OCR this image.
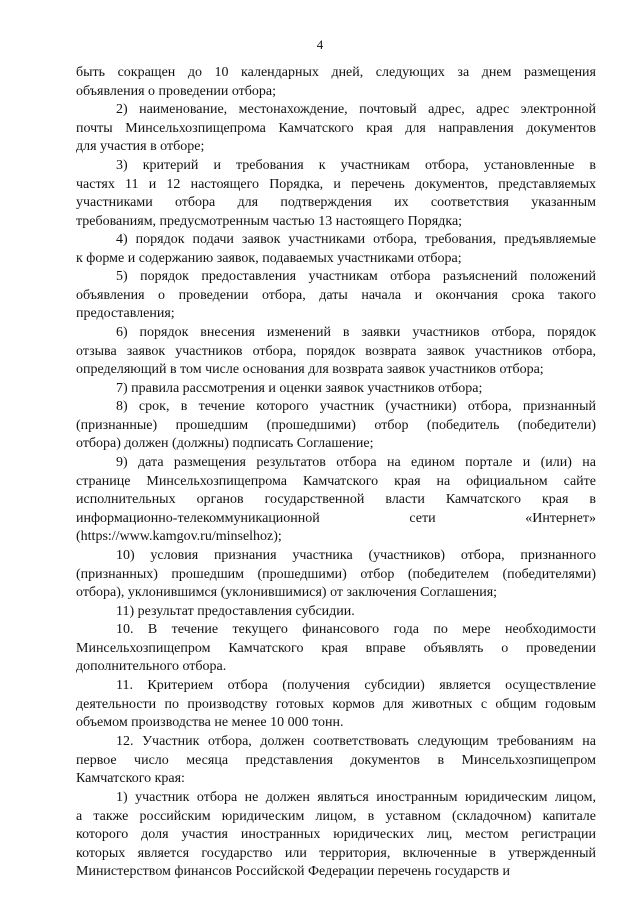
4
быть сокращен до 10 календарных дней, следующих за днем размещения
объявления о проведении отбора;
2) наименование, местонахождение, почтовый адрес, адрес электронной
почты Минсельхозпищепрома Камчатского края для направления документов
для участия в отборе;
3) критерий и требования к участникам отбора, установленные в
частях 11 и 12 настоящего Порядка, и перечень документов, представляемых
участниками отбора для подтверждения их соответствия указанным
требованиям, предусмотренным частью 13 настоящего Порядка;
4) порядок подачи заявок участниками отбора, требования, предъявляемые
к форме и содержанию заявок, подаваемых участниками отбора;
5) порядок предоставления участникам отбора разъяснений положений
объявления о проведении отбора, даты начала и окончания срока такого
предоставления;
6) порядок внесения изменений в заявки участников отбора, порядок
отзыва заявок участников отбора, порядок возврата заявок участников отбора,
определяющий в том числе основания для возврата заявок участников отбора;
7) правила рассмотрения и оценки заявок участников отбора;
8) срок, в течение которого участник (участники) отбора, признанный
(признанные) прошедшим (прошедшими) отбор (победитель (победители)
отбора) должен (должны) подписать Соглашение;
9) дата размещения результатов отбора на едином портале и (или) на
странице Минсельхозпищепрома Камчатского края на официальном сайте
исполнительных органов государственной власти Камчатского края в
информационно-телекоммуникационной сети «Интернет»
(https://www.kamgov.ru/minselhoz);
10) условия признания участника (участников) отбора, признанного
(признанных) прошедшим (прошедшими) отбор (победителем (победителями)
отбора), уклонившимся (уклонившимися) от заключения Соглашения;
11) результат предоставления субсидии.
10. В течение текущего финансового года по мере необходимости
Минсельхозпищепром Камчатского края вправе объявлять о проведении
дополнительного отбора.
11. Критерием отбора (получения субсидии) является осуществление
деятельности по производству готовых кормов для животных с общим годовым
объемом производства не менее 10 000 тонн.
12. Участник отбора, должен соответствовать следующим требованиям на
первое число месяца представления документов в Минсельхозпищепром
Камчатского края:
1) участник отбора не должен являться иностранным юридическим лицом,
а также российским юридическим лицом, в уставном (складочном) капитале
которого доля участия иностранных юридических лиц, местом регистрации
которых является государство или территория, включенные в утвержденный
Министерством финансов Российской Федерации перечень государств и
